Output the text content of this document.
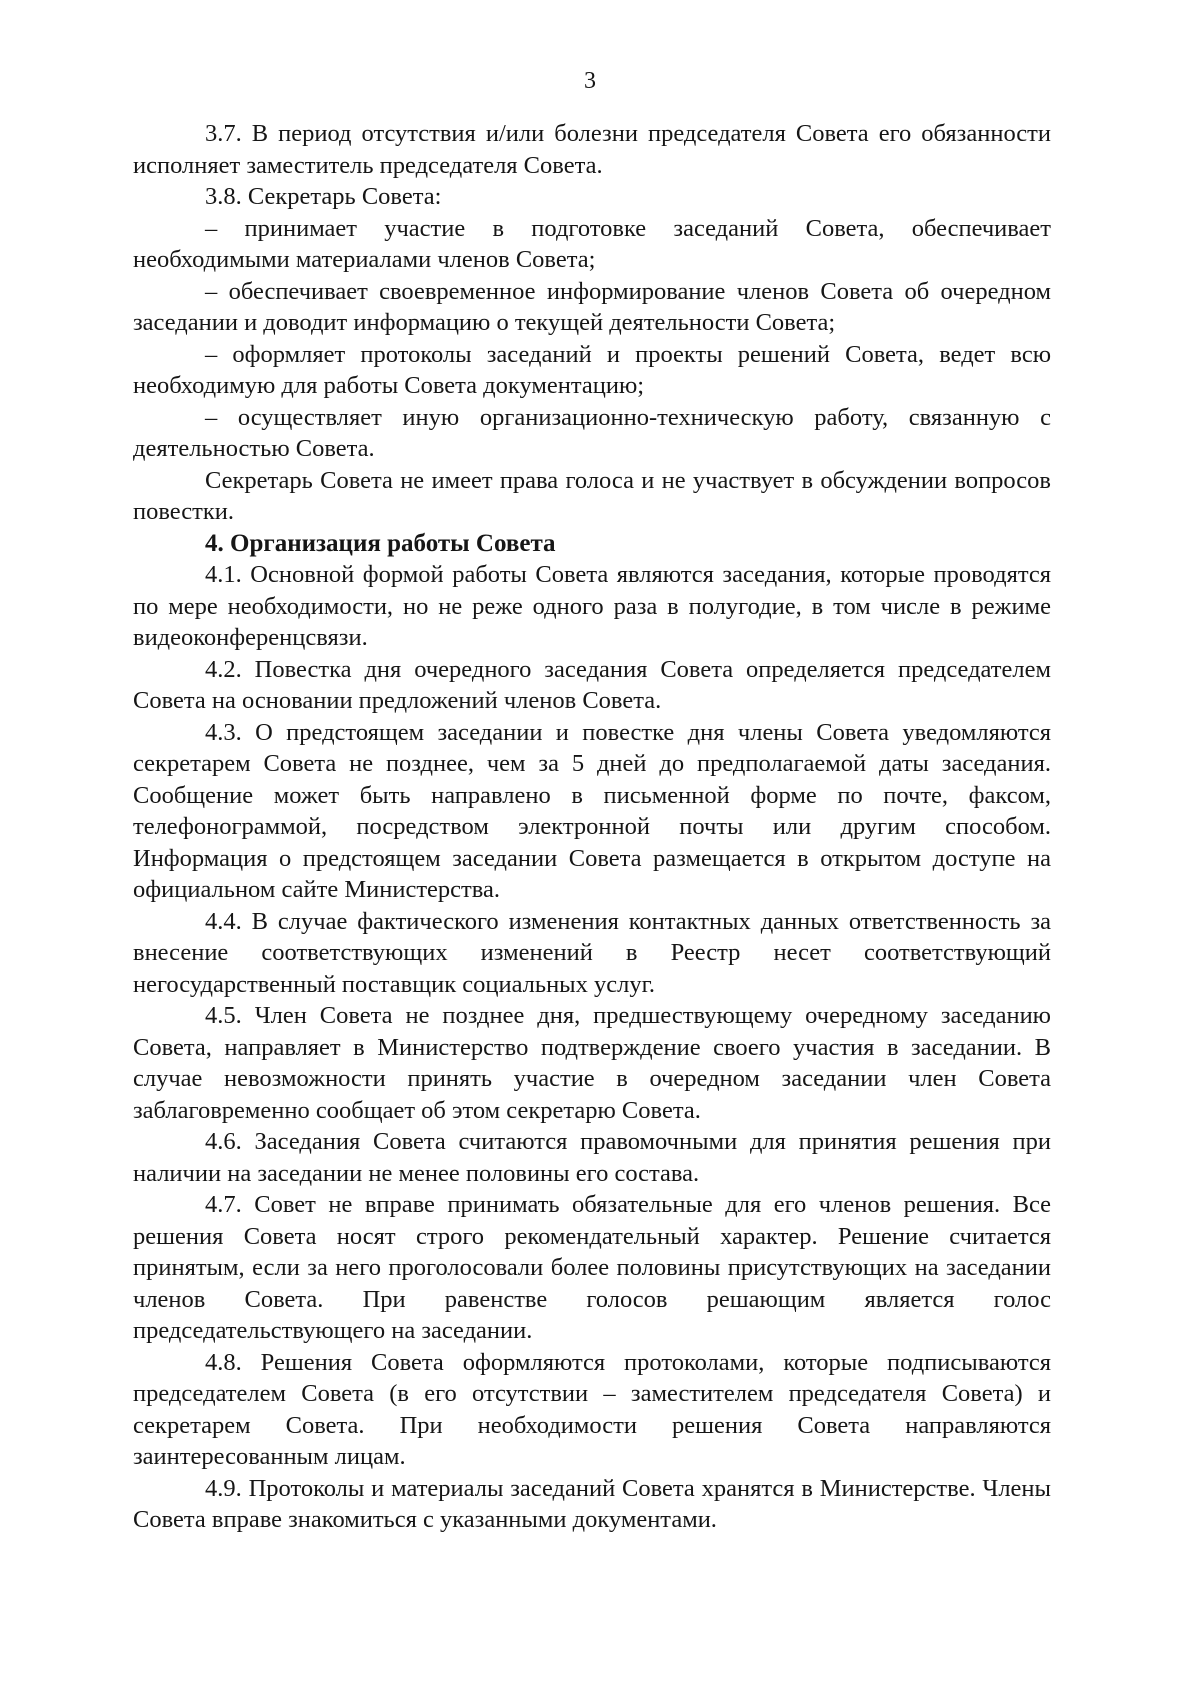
3

3.7. В период отсутствия и/или болезни председателя Совета его обязанности исполняет заместитель председателя Совета.

3.8. Секретарь Совета:

– принимает участие в подготовке заседаний Совета, обеспечивает необходимыми материалами членов Совета;

– обеспечивает своевременное информирование членов Совета об очередном заседании и доводит информацию о текущей деятельности Совета;

– оформляет протоколы заседаний и проекты решений Совета, ведет всю необходимую для работы Совета документацию;

– осуществляет иную организационно-техническую работу, связанную с деятельностью Совета.

Секретарь Совета не имеет права голоса и не участвует в обсуждении вопросов повестки.

4. Организация работы Совета

4.1. Основной формой работы Совета являются заседания, которые проводятся по мере необходимости, но не реже одного раза в полугодие, в том числе в режиме видеоконференцсвязи.

4.2. Повестка дня очередного заседания Совета определяется председателем Совета на основании предложений членов Совета.

4.3. О предстоящем заседании и повестке дня члены Совета уведомляются секретарем Совета не позднее, чем за 5 дней до предполагаемой даты заседания. Сообщение может быть направлено в письменной форме по почте, факсом, телефонограммой, посредством электронной почты или другим способом. Информация о предстоящем заседании Совета размещается в открытом доступе на официальном сайте Министерства.

4.4. В случае фактического изменения контактных данных ответственность за внесение соответствующих изменений в Реестр несет соответствующий негосударственный поставщик социальных услуг.

4.5. Член Совета не позднее дня, предшествующему очередному заседанию Совета, направляет в Министерство подтверждение своего участия в заседании. В случае невозможности принять участие в очередном заседании член Совета заблаговременно сообщает об этом секретарю Совета.

4.6. Заседания Совета считаются правомочными для принятия решения при наличии на заседании не менее половины его состава.

4.7. Совет не вправе принимать обязательные для его членов решения. Все решения Совета носят строго рекомендательный характер. Решение считается принятым, если за него проголосовали более половины присутствующих на заседании членов Совета. При равенстве голосов решающим является голос председательствующего на заседании.

4.8. Решения Совета оформляются протоколами, которые подписываются председателем Совета (в его отсутствии – заместителем председателя Совета) и секретарем Совета. При необходимости решения Совета направляются заинтересованным лицам.

4.9. Протоколы и материалы заседаний Совета хранятся в Министерстве. Члены Совета вправе знакомиться с указанными документами.
